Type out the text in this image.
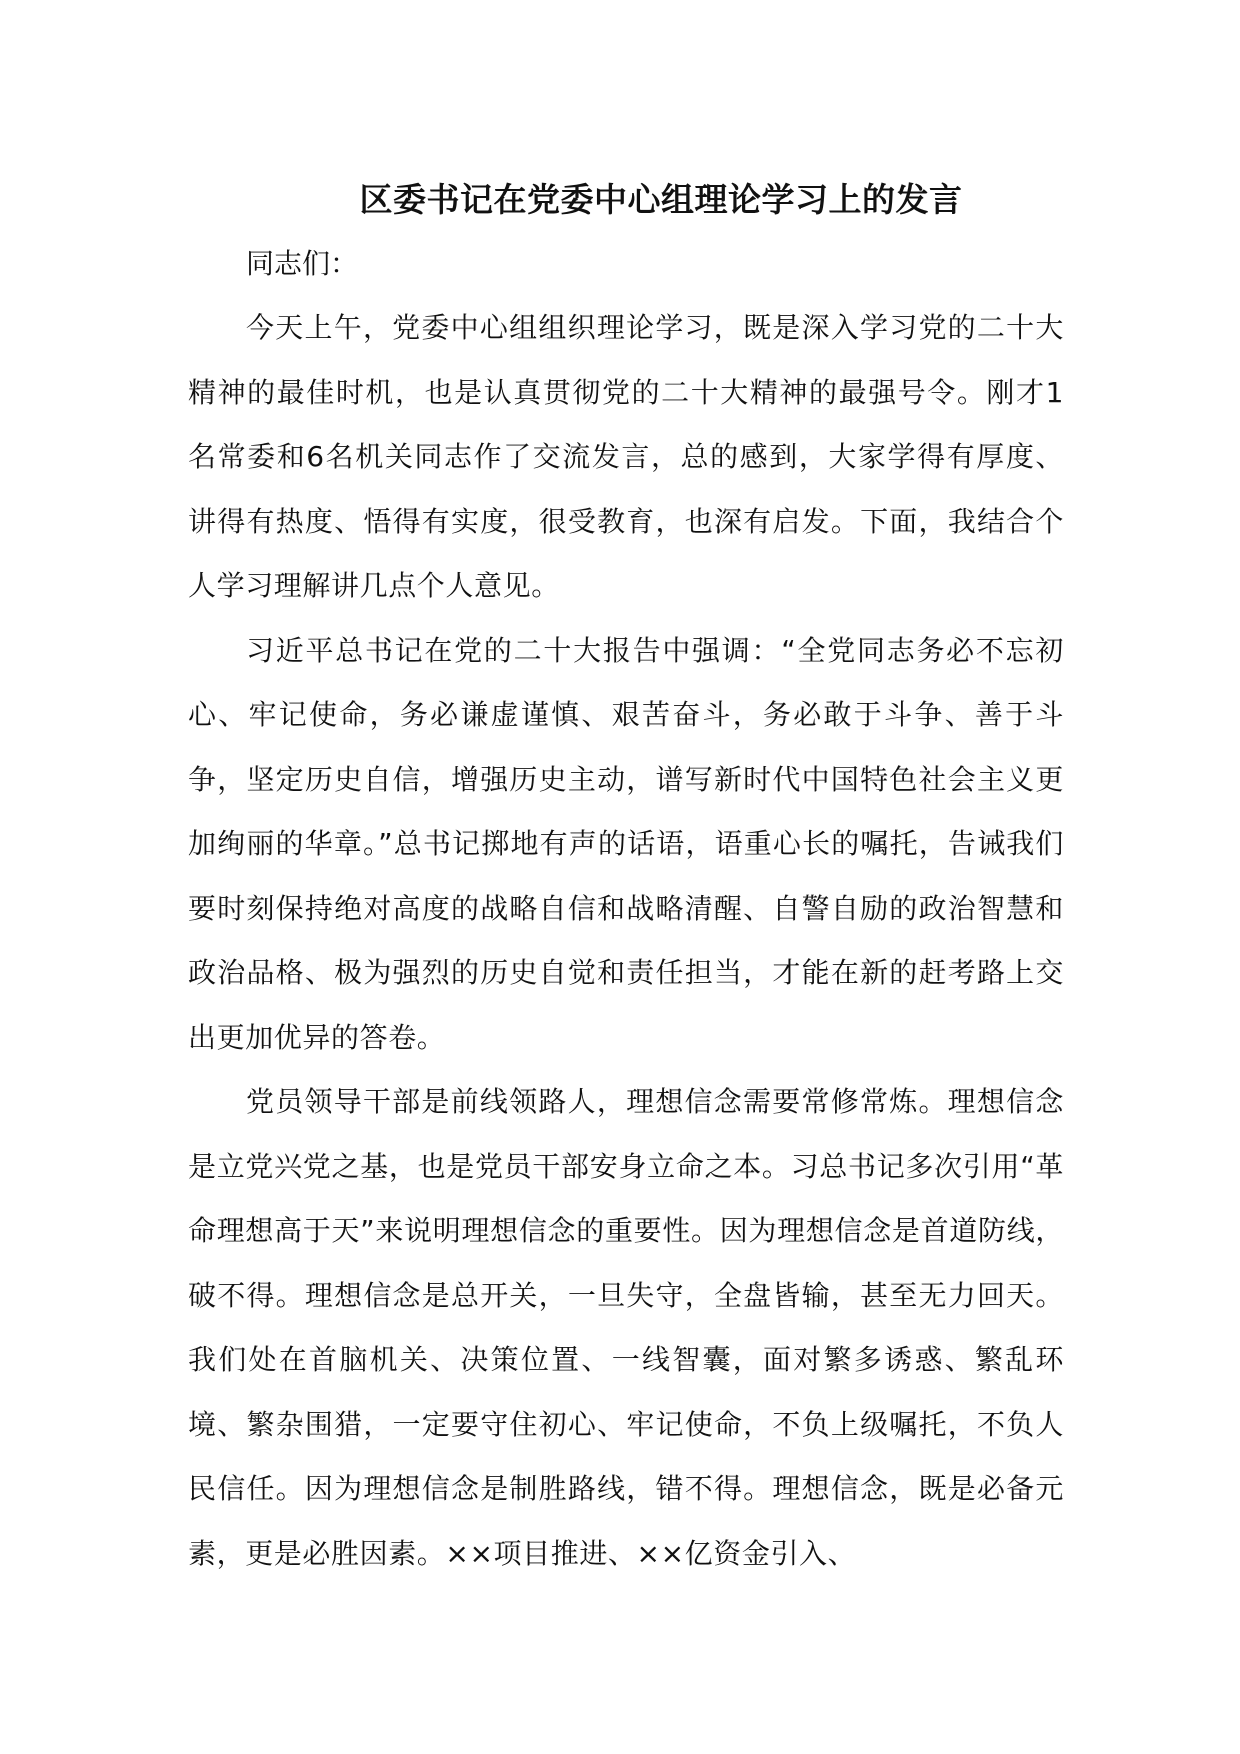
区委书记在党委中心组理论学习上的发言

同志们：

今天上午，党委中心组组织理论学习，既是深入学习党的二十大精神的最佳时机，也是认真贯彻党的二十大精神的最强号令。刚才1名常委和6名机关同志作了交流发言，总的感到，大家学得有厚度、讲得有热度、悟得有实度，很受教育，也深有启发。下面，我结合个人学习理解讲几点个人意见。

习近平总书记在党的二十大报告中强调：“全党同志务必不忘初心、牢记使命，务必谦虚谨慎、艰苦奋斗，务必敢于斗争、善于斗争，坚定历史自信，增强历史主动，谱写新时代中国特色社会主义更加绚丽的华章。”总书记掷地有声的话语，语重心长的嘱托，告诫我们要时刻保持绝对高度的战略自信和战略清醒、自警自励的政治智慧和政治品格、极为强烈的历史自觉和责任担当，才能在新的赶考路上交出更加优异的答卷。

党员领导干部是前线领路人，理想信念需要常修常炼。理想信念是立党兴党之基，也是党员干部安身立命之本。习总书记多次引用“革命理想高于天”来说明理想信念的重要性。因为理想信念是首道防线，破不得。理想信念是总开关，一旦失守，全盘皆输，甚至无力回天。我们处在首脑机关、决策位置、一线智囊，面对繁多诱惑、繁乱环境、繁杂围猎，一定要守住初心、牢记使命，不负上级嘱托，不负人民信任。因为理想信念是制胜路线，错不得。理想信念，既是必备元素，更是必胜因素。××项目推进、××亿资金引入、
